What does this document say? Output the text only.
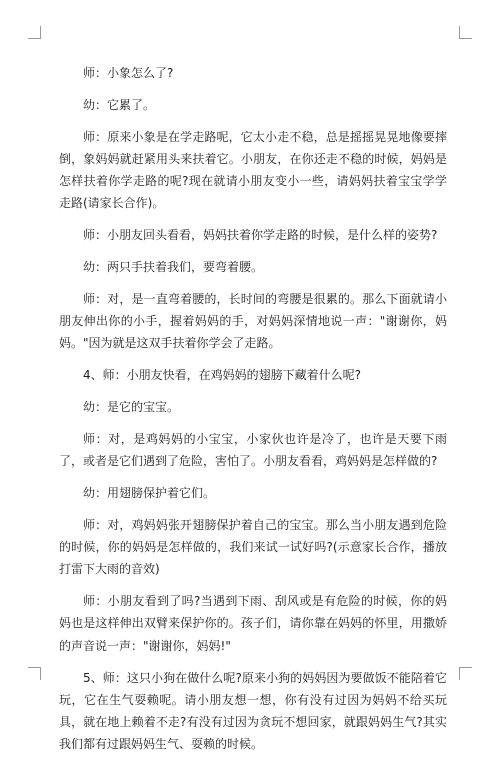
师：小象怎么了?

幼：它累了。

师：原来小象是在学走路呢，它太小走不稳，总是摇摇晃晃地像要摔倒，象妈妈就赶紧用头来扶着它。小朋友，在你还走不稳的时候，妈妈是怎样扶着你学走路的呢?现在就请小朋友变小一些，请妈妈扶着宝宝学学走路(请家长合作)。

师：小朋友回头看看，妈妈扶着你学走路的时候，是什么样的姿势?

幼：两只手扶着我们，要弯着腰。

师：对，是一直弯着腰的，长时间的弯腰是很累的。那么下面就请小朋友伸出你的小手，握着妈妈的手，对妈妈深情地说一声："谢谢你，妈妈。"因为就是这双手扶着你学会了走路。

4、师：小朋友快看，在鸡妈妈的翅膀下藏着什么呢?

幼：是它的宝宝。

师：对，是鸡妈妈的小宝宝，小家伙也许是冷了，也许是天要下雨了，或者是它们遇到了危险，害怕了。小朋友看看，鸡妈妈是怎样做的?

幼：用翅膀保护着它们。

师：对，鸡妈妈张开翅膀保护着自己的宝宝。那么当小朋友遇到危险的时候，你的妈妈是怎样做的，我们来试一试好吗?(示意家长合作，播放打雷下大雨的音效)

师：小朋友看到了吗?当遇到下雨、刮风或是有危险的时候，你的妈妈也是这样伸出双臂来保护你的。孩子们，请你靠在妈妈的怀里，用撒娇的声音说一声："谢谢你，妈妈!"

5、师：这只小狗在做什么呢?原来小狗的妈妈因为要做饭不能陪着它玩，它在生气耍赖呢。请小朋友想一想，你有没有过因为妈妈不给买玩具，就在地上赖着不走?有没有过因为贪玩不想回家，就跟妈妈生气?其实我们都有过跟妈妈生气、耍赖的时候。
